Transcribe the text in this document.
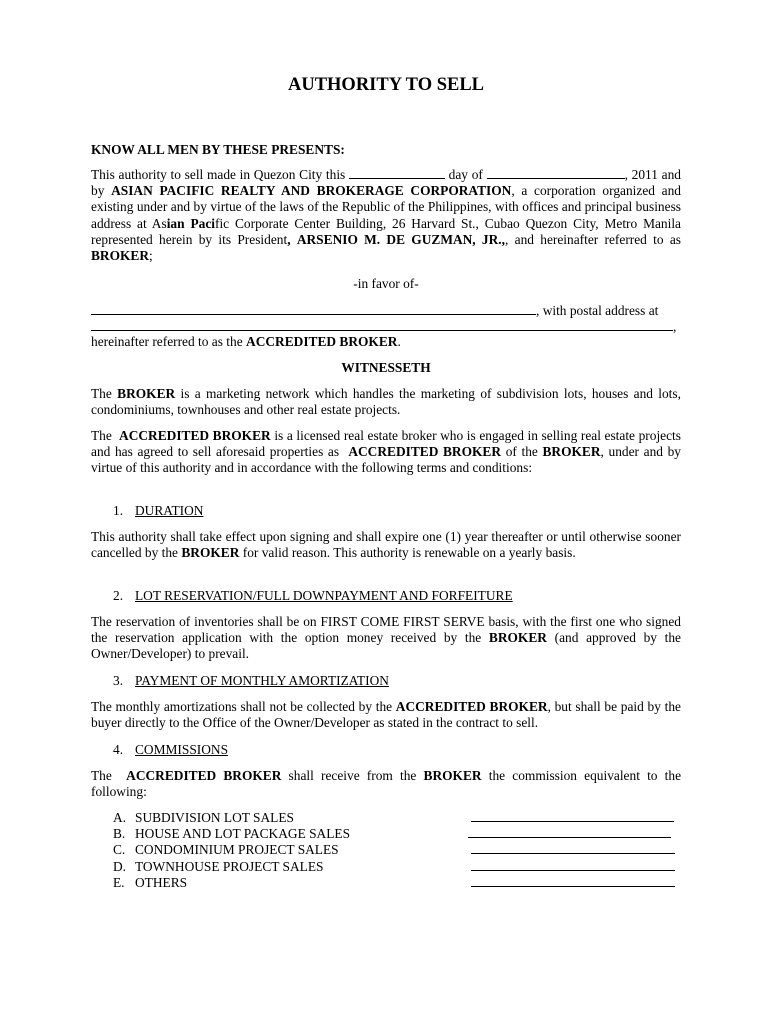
AUTHORITY TO SELL
KNOW ALL MEN BY THESE PRESENTS:

This authority to sell made in Quezon City this	day of	, 2011 and by ASIAN PACIFIC REALTY AND BROKERAGE CORPORATION, a corporation organized and existing under and by virtue of the laws of the Republic of the Philippines, with offices and principal business address at Asian Pacific Corporate Center Building, 26 Harvard St., Cubao Quezon City, Metro Manila represented herein by its President, ARSENIO M. DE GUZMAN, JR.,, and hereinafter referred to as BROKER;

-in favor of-
, with postal address at
,
hereinafter referred to as the ACCREDITED BROKER.
WITNESSETH

The BROKER is a marketing network which handles the marketing of subdivision lots, houses and lots, condominiums, townhouses and other real estate projects.

The ACCREDITED BROKER is a licensed real estate broker who is engaged in selling real estate projects and has agreed to sell aforesaid properties as ACCREDITED BROKER of the BROKER, under and by virtue of this authority and in accordance with the following terms and conditions:

1. DURATION

This authority shall take effect upon signing and shall expire one (1) year thereafter or until otherwise sooner cancelled by the BROKER for valid reason. This authority is renewable on a yearly basis.

2. LOT RESERVATION/FULL DOWNPAYMENT AND FORFEITURE

The reservation of inventories shall be on FIRST COME FIRST SERVE basis, with the first one who signed the reservation application with the option money received by the BROKER (and approved by the Owner/Developer) to prevail.

3. PAYMENT OF MONTHLY AMORTIZATION

The monthly amortizations shall not be collected by the ACCREDITED BROKER, but shall be paid by the buyer directly to the Office of the Owner/Developer as stated in the contract to sell.

4. COMMISSIONS

The ACCREDITED BROKER shall receive from the BROKER the commission equivalent to the following:

A. SUBDIVISION LOT SALES
B. HOUSE AND LOT PACKAGE SALES
C. CONDOMINIUM PROJECT SALES
D. TOWNHOUSE PROJECT SALES
E. OTHERS
